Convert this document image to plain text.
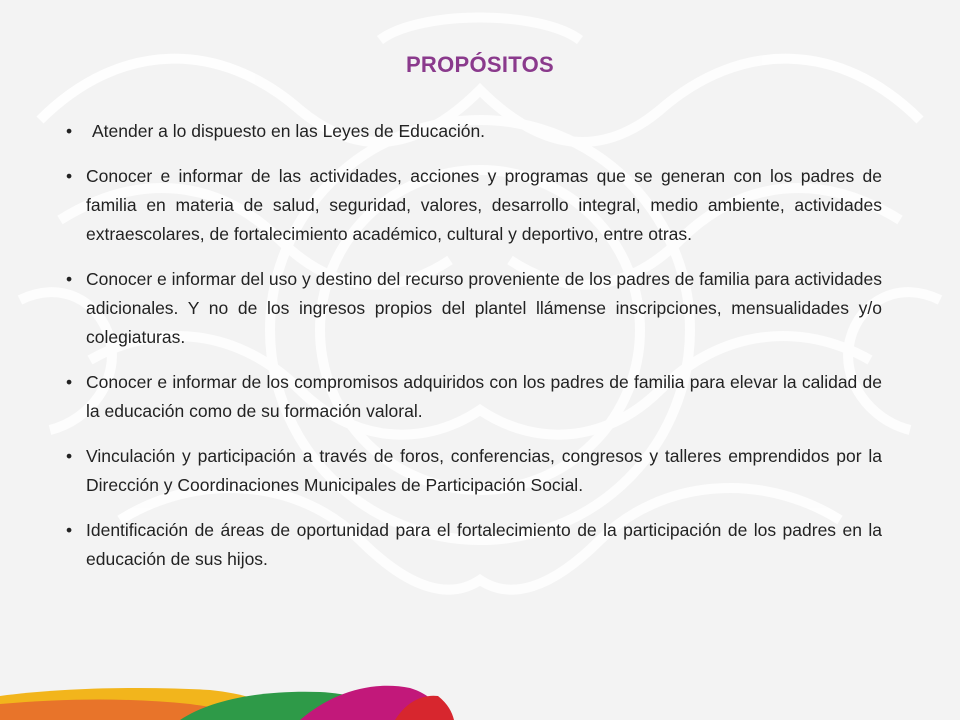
PROPÓSITOS
• Atender a lo dispuesto en las Leyes de Educación.
• Conocer e informar de las actividades, acciones y programas que se generan con los padres de familia en materia de salud, seguridad, valores, desarrollo integral, medio ambiente, actividades extraescolares, de fortalecimiento académico, cultural y deportivo, entre otras.
• Conocer e informar del uso y destino del recurso proveniente de los padres de familia para actividades adicionales. Y no de los ingresos propios del plantel llámense inscripciones, mensualidades y/o colegiaturas.
• Conocer e informar de los compromisos adquiridos con los padres de familia para elevar la calidad de la educación como de su formación valoral.
• Vinculación y participación a través de foros, conferencias, congresos y talleres emprendidos por la Dirección y Coordinaciones Municipales de Participación Social.
• Identificación de áreas de oportunidad para el fortalecimiento de la participación de los padres en la educación de sus hijos.
